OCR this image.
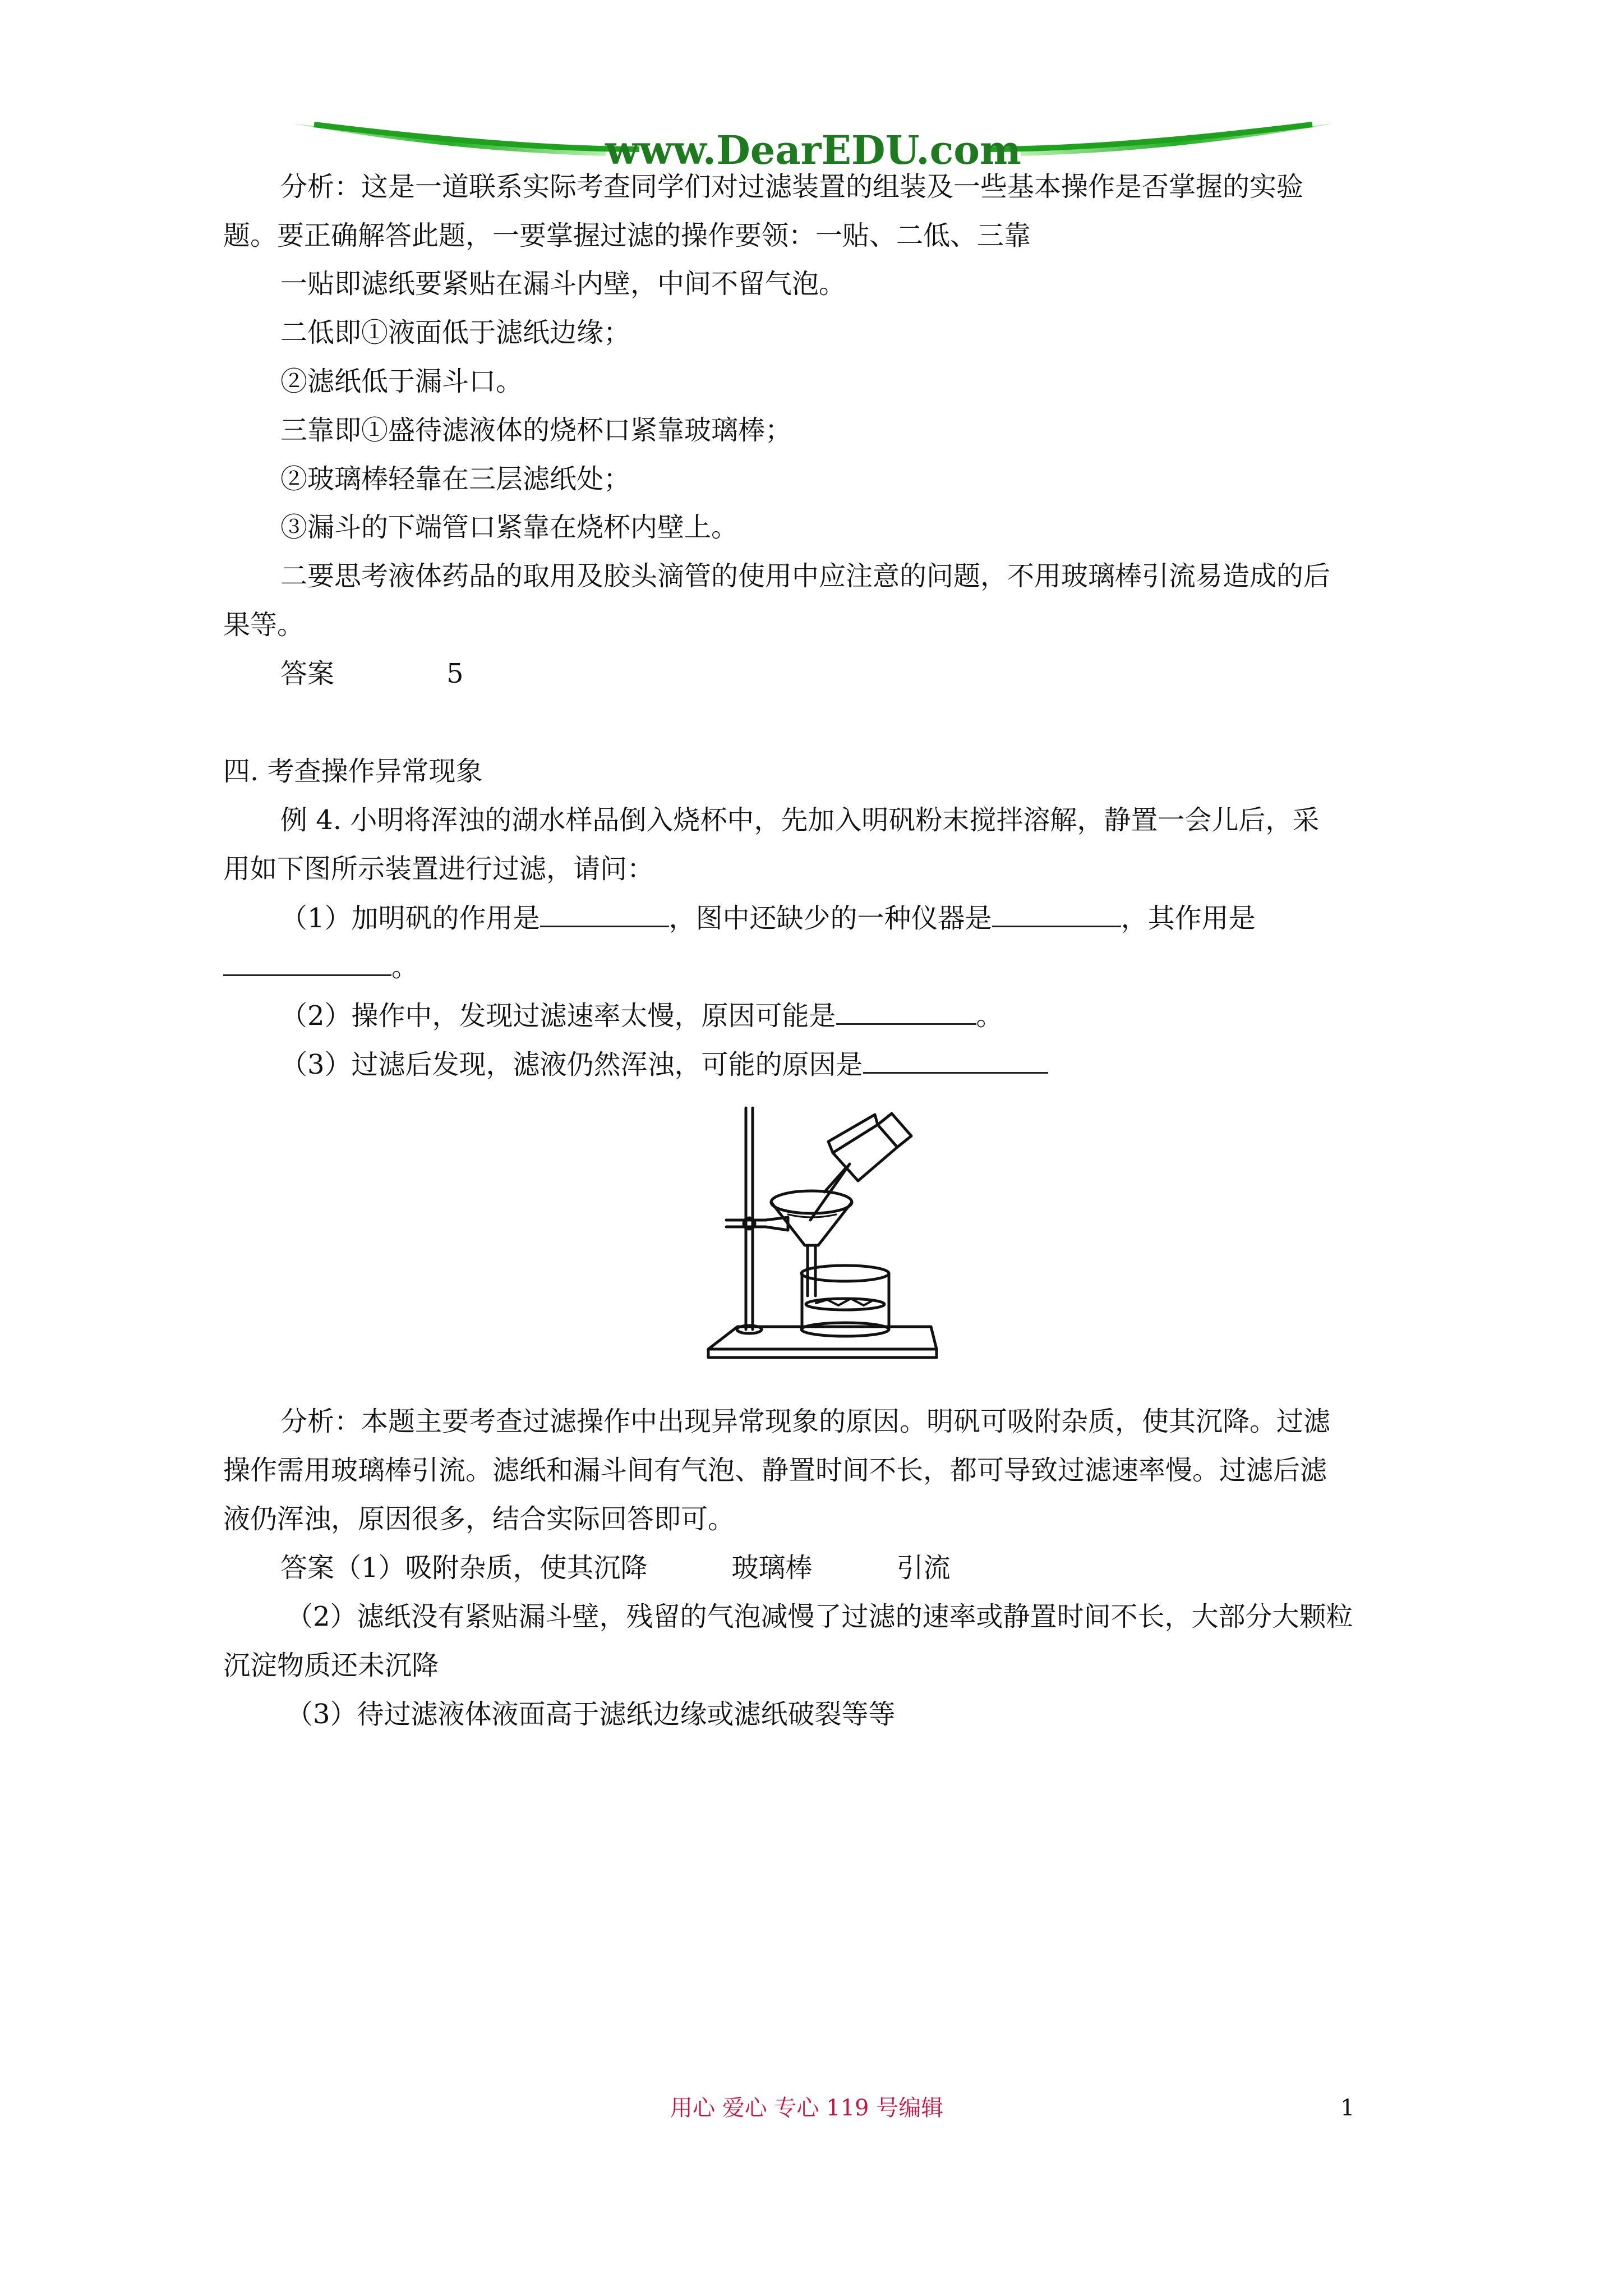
www.DearEDU.com
分析：这是一道联系实际考查同学们对过滤装置的组装及一些基本操作是否掌握的实验
题。要正确解答此题，一要掌握过滤的操作要领：一贴、二低、三靠
一贴即滤纸要紧贴在漏斗内壁，中间不留气泡。
二低即①液面低于滤纸边缘；
②滤纸低于漏斗口。
三靠即①盛待滤液体的烧杯口紧靠玻璃棒；
②玻璃棒轻靠在三层滤纸处；
③漏斗的下端管口紧靠在烧杯内壁上。
二要思考液体药品的取用及胶头滴管的使用中应注意的问题，不用玻璃棒引流易造成的后
果等。
答案	5
四. 考查操作异常现象
例 4. 小明将浑浊的湖水样品倒入烧杯中，先加入明矾粉末搅拌溶解，静置一会儿后，采
用如下图所示装置进行过滤，请问：
（1）加明矾的作用是	，图中还缺少的一种仪器是	，其作用是
。
（2）操作中，发现过滤速率太慢，原因可能是	。
（3）过滤后发现，滤液仍然浑浊，可能的原因是
分析：本题主要考查过滤操作中出现异常现象的原因。明矾可吸附杂质，使其沉降。过滤
操作需用玻璃棒引流。滤纸和漏斗间有气泡、静置时间不长，都可导致过滤速率慢。过滤后滤
液仍浑浊，原因很多，结合实际回答即可。
答案（1）吸附杂质，使其沉降	玻璃棒	引流
（2）滤纸没有紧贴漏斗壁，残留的气泡减慢了过滤的速率或静置时间不长，大部分大颗粒
沉淀物质还未沉降
（3）待过滤液体液面高于滤纸边缘或滤纸破裂等等
用心 爱心 专心 119 号编辑	1
